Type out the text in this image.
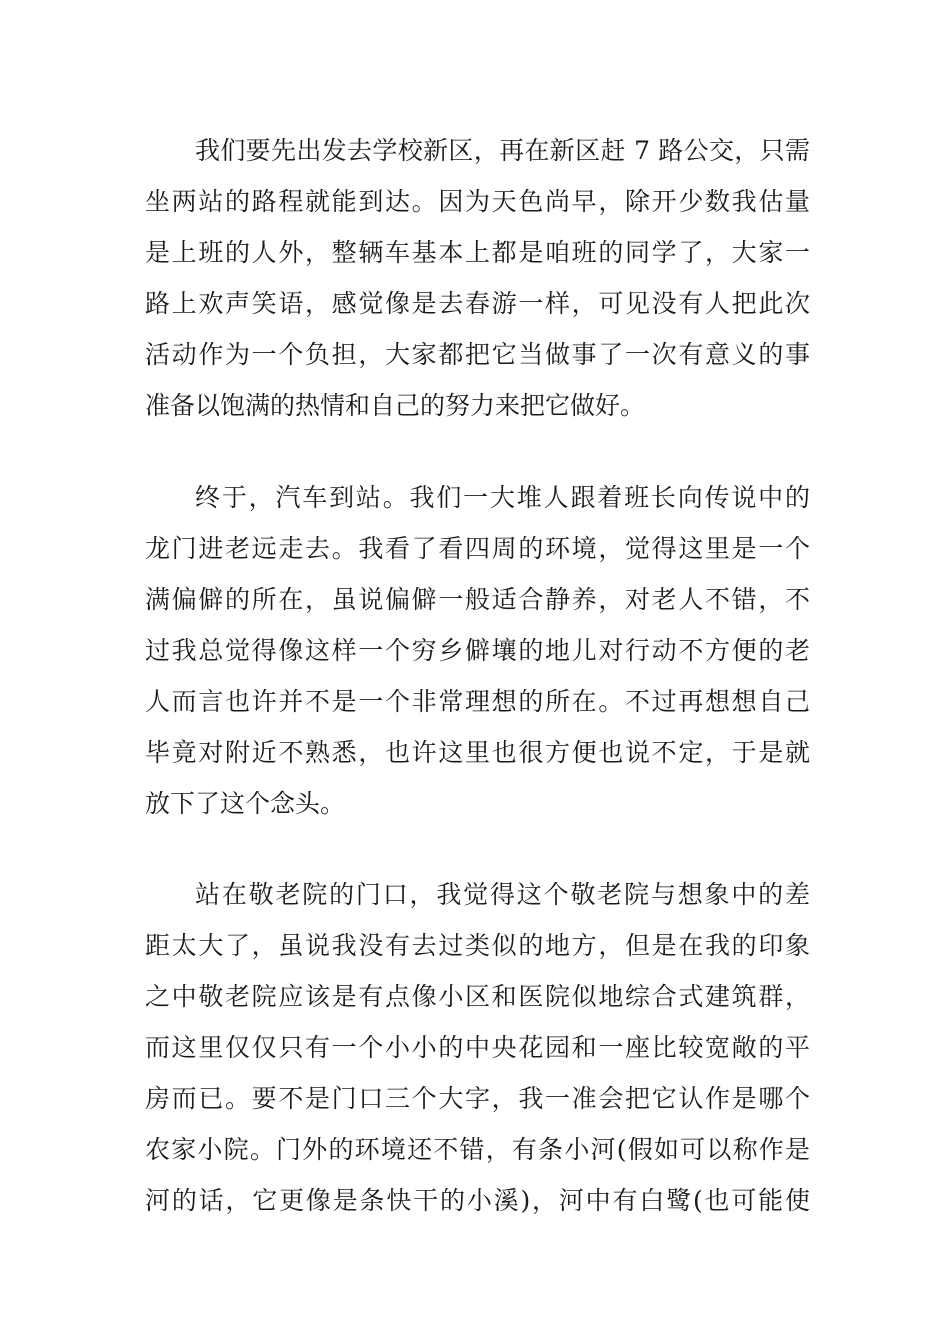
我们要先出发去学校新区，再在新区赶 7 路公交，只需
坐两站的路程就能到达。因为天色尚早，除开少数我估量
是上班的人外，整辆车基本上都是咱班的同学了，大家一
路上欢声笑语，感觉像是去春游一样，可见没有人把此次
活动作为一个负担，大家都把它当做事了一次有意义的事
准备以饱满的热情和自己的努力来把它做好。
终于，汽车到站。我们一大堆人跟着班长向传说中的
龙门进老远走去。我看了看四周的环境，觉得这里是一个
满偏僻的所在，虽说偏僻一般适合静养，对老人不错，不
过我总觉得像这样一个穷乡僻壤的地儿对行动不方便的老
人而言也许并不是一个非常理想的所在。不过再想想自己
毕竟对附近不熟悉，也许这里也很方便也说不定，于是就
放下了这个念头。
站在敬老院的门口，我觉得这个敬老院与想象中的差
距太大了，虽说我没有去过类似的地方，但是在我的印象
之中敬老院应该是有点像小区和医院似地综合式建筑群，
而这里仅仅只有一个小小的中央花园和一座比较宽敞的平
房而已。要不是门口三个大字，我一准会把它认作是哪个
农家小院。门外的环境还不错，有条小河(假如可以称作是
河的话，它更像是条快干的小溪)，河中有白鹭(也可能使
